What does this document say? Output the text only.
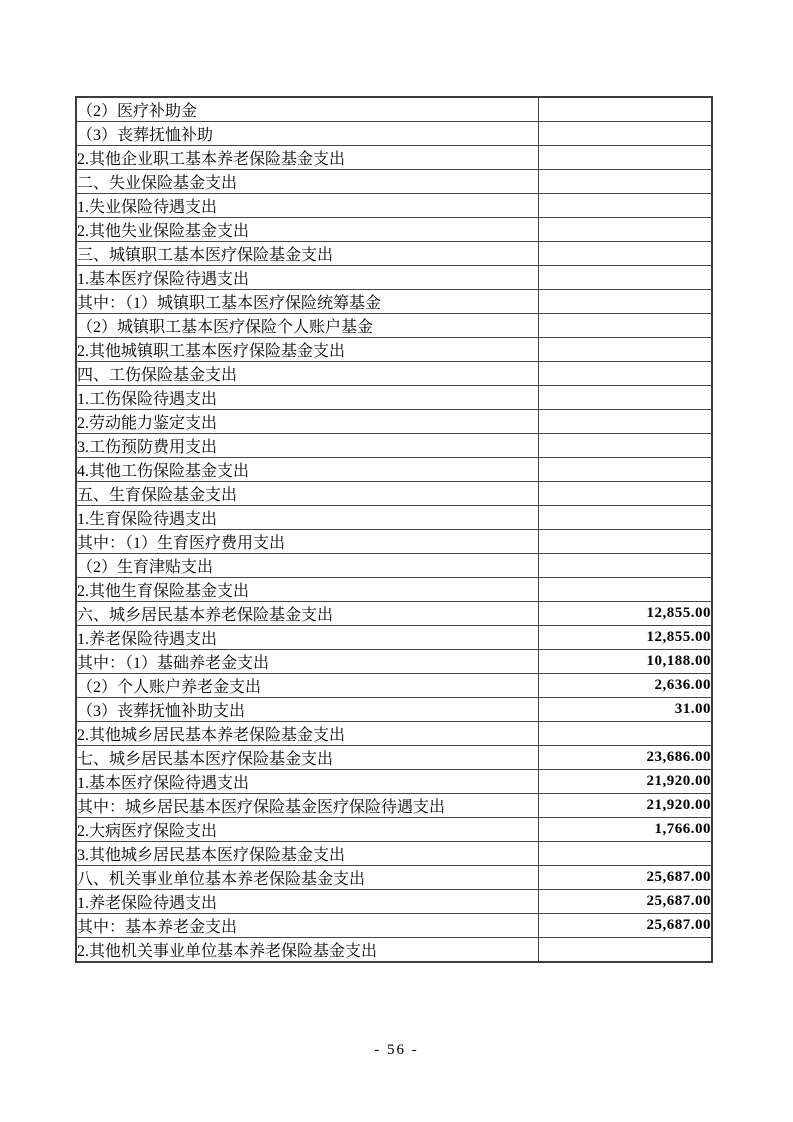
（2）医疗补助金	
（3）丧葬抚恤补助	
2.其他企业职工基本养老保险基金支出	
二、失业保险基金支出	
1.失业保险待遇支出	
2.其他失业保险基金支出	
三、城镇职工基本医疗保险基金支出	
1.基本医疗保险待遇支出	
其中：（1）城镇职工基本医疗保险统筹基金	
（2）城镇职工基本医疗保险个人账户基金	
2.其他城镇职工基本医疗保险基金支出	
四、工伤保险基金支出	
1.工伤保险待遇支出	
2.劳动能力鉴定支出	
3.工伤预防费用支出	
4.其他工伤保险基金支出	
五、生育保险基金支出	
1.生育保险待遇支出	
其中：（1）生育医疗费用支出	
（2）生育津贴支出	
2.其他生育保险基金支出	
六、城乡居民基本养老保险基金支出	12,855.00
1.养老保险待遇支出	12,855.00
其中：（1）基础养老金支出	10,188.00
（2）个人账户养老金支出	2,636.00
（3）丧葬抚恤补助支出	31.00
2.其他城乡居民基本养老保险基金支出	
七、城乡居民基本医疗保险基金支出	23,686.00
1.基本医疗保险待遇支出	21,920.00
其中：城乡居民基本医疗保险基金医疗保险待遇支出	21,920.00
2.大病医疗保险支出	1,766.00
3.其他城乡居民基本医疗保险基金支出	
八、机关事业单位基本养老保险基金支出	25,687.00
1.养老保险待遇支出	25,687.00
其中：基本养老金支出	25,687.00
2.其他机关事业单位基本养老保险基金支出	
- 56 -
